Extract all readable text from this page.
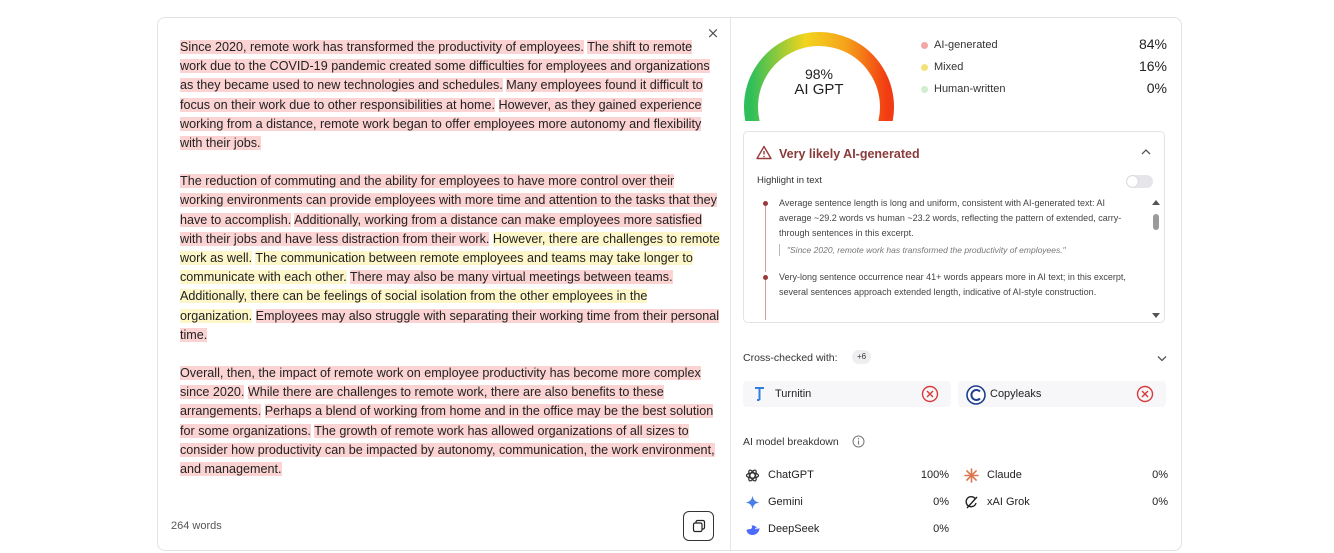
×

Since 2020, remote work has transformed the productivity of employees. The shift to remote work due to the COVID-19 pandemic created some difficulties for employees and organizations as they became used to new technologies and schedules. Many employees found it difficult to focus on their work due to other responsibilities at home. However, as they gained experience working from a distance, remote work began to offer employees more autonomy and flexibility with their jobs.

The reduction of commuting and the ability for employees to have more control over their working environments can provide employees with more time and attention to the tasks that they have to accomplish. Additionally, working from a distance can make employees more satisfied with their jobs and have less distraction from their work. However, there are challenges to remote work as well. The communication between remote employees and teams may take longer to communicate with each other. There may also be many virtual meetings between teams. Additionally, there can be feelings of social isolation from the other employees in the organization. Employees may also struggle with separating their working time from their personal time.

Overall, then, the impact of remote work on employee productivity has become more complex since 2020. While there are challenges to remote work, there are also benefits to these arrangements. Perhaps a blend of working from home and in the office may be the best solution for some organizations. The growth of remote work has allowed organizations of all sizes to consider how productivity can be impacted by autonomy, communication, the work environment, and management.

264 words
98%
AI GPT
AI-generated	84%
Mixed	16%
Human-written	0%
Very likely AI-generated
Highlight in text
Average sentence length is long and uniform, consistent with AI-generated text: AI average ~29.2 words vs human ~23.2 words, reflecting the pattern of extended, carry-through sentences in this excerpt.
"Since 2020, remote work has transformed the productivity of employees."
Very-long sentence occurrence near 41+ words appears more in AI text; in this excerpt, several sentences approach extended length, indicative of AI-style construction.
Cross-checked with:	+6
Turnitin	Copyleaks
AI model breakdown
ChatGPT	100%	Claude	0%
Gemini	0%	xAI Grok	0%
DeepSeek	0%
